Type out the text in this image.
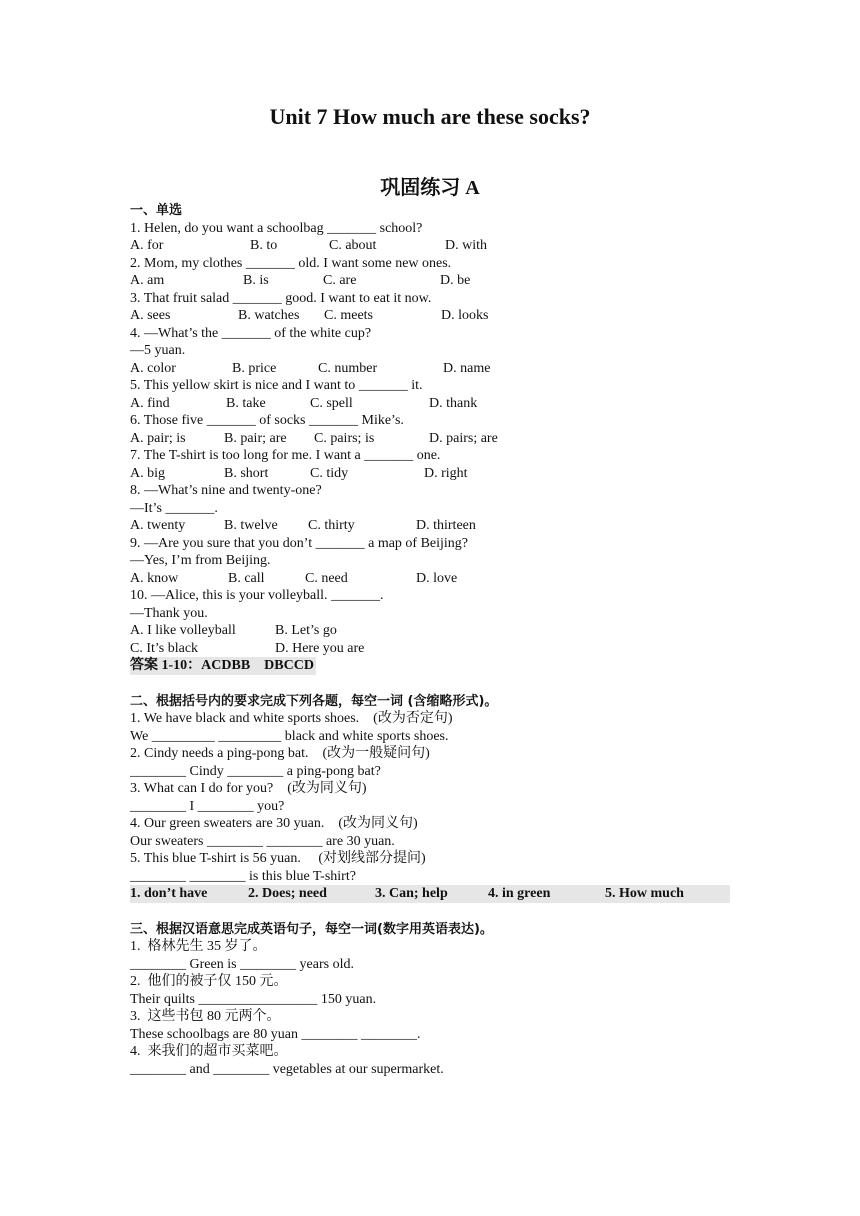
Unit 7 How much are these socks?
巩固练习 A
一、单选
1. Helen, do you want a schoolbag _______ school?
A. for	B. to	C. about	D. with
2. Mom, my clothes _______ old. I want some new ones.
A. am	B. is	C. are	D. be
3. That fruit salad _______ good. I want to eat it now.
A. sees	B. watches	C. meets	D. looks
4. —What’s the _______ of the white cup?
—5 yuan.
A. color	B. price	C. number	D. name
5. This yellow skirt is nice and I want to _______ it.
A. find	B. take	C. spell	D. thank
6. Those five _______ of socks _______ Mike’s.
A. pair; is	B. pair; are	C. pairs; is	D. pairs; are
7. The T-shirt is too long for me. I want a _______ one.
A. big	B. short	C. tidy	D. right
8. —What’s nine and twenty-one?
—It’s _______.
A. twenty	B. twelve	C. thirty	D. thirteen
9. —Are you sure that you don’t _______ a map of Beijing?
—Yes, I’m from Beijing.
A. know	B. call	C. need	D. love
10. —Alice, this is your volleyball. _______.
—Thank you.
A. I like volleyball	B. Let’s go
C. It’s black	D. Here you are
答案 1-10：ACDBB    DBCCD
二、根据括号内的要求完成下列各题，每空一词 (含缩略形式)。
1. We have black and white sports shoes.    (改为否定句)
We _________ _________ black and white sports shoes.
2. Cindy needs a ping-pong bat.    (改为一般疑问句)
________ Cindy ________ a ping-pong bat?
3. What can I do for you?    (改为同义句)
________ I ________ you?
4. Our green sweaters are 30 yuan.    (改为同义句)
Our sweaters ________ ________ are 30 yuan.
5. This blue T-shirt is 56 yuan.     (对划线部分提问)
________ ________ is this blue T-shirt?
1. don’t have	2. Does; need	3. Can; help	4. in green	5. How much
三、根据汉语意思完成英语句子，每空一词(数字用英语表达)。
1.  格林先生 35 岁了。
________ Green is ________ years old.
2.  他们的被子仅 150 元。
Their quilts _________________ 150 yuan.
3.  这些书包 80 元两个。
These schoolbags are 80 yuan ________ ________.
4.  来我们的超市买菜吧。
________ and ________ vegetables at our supermarket.
